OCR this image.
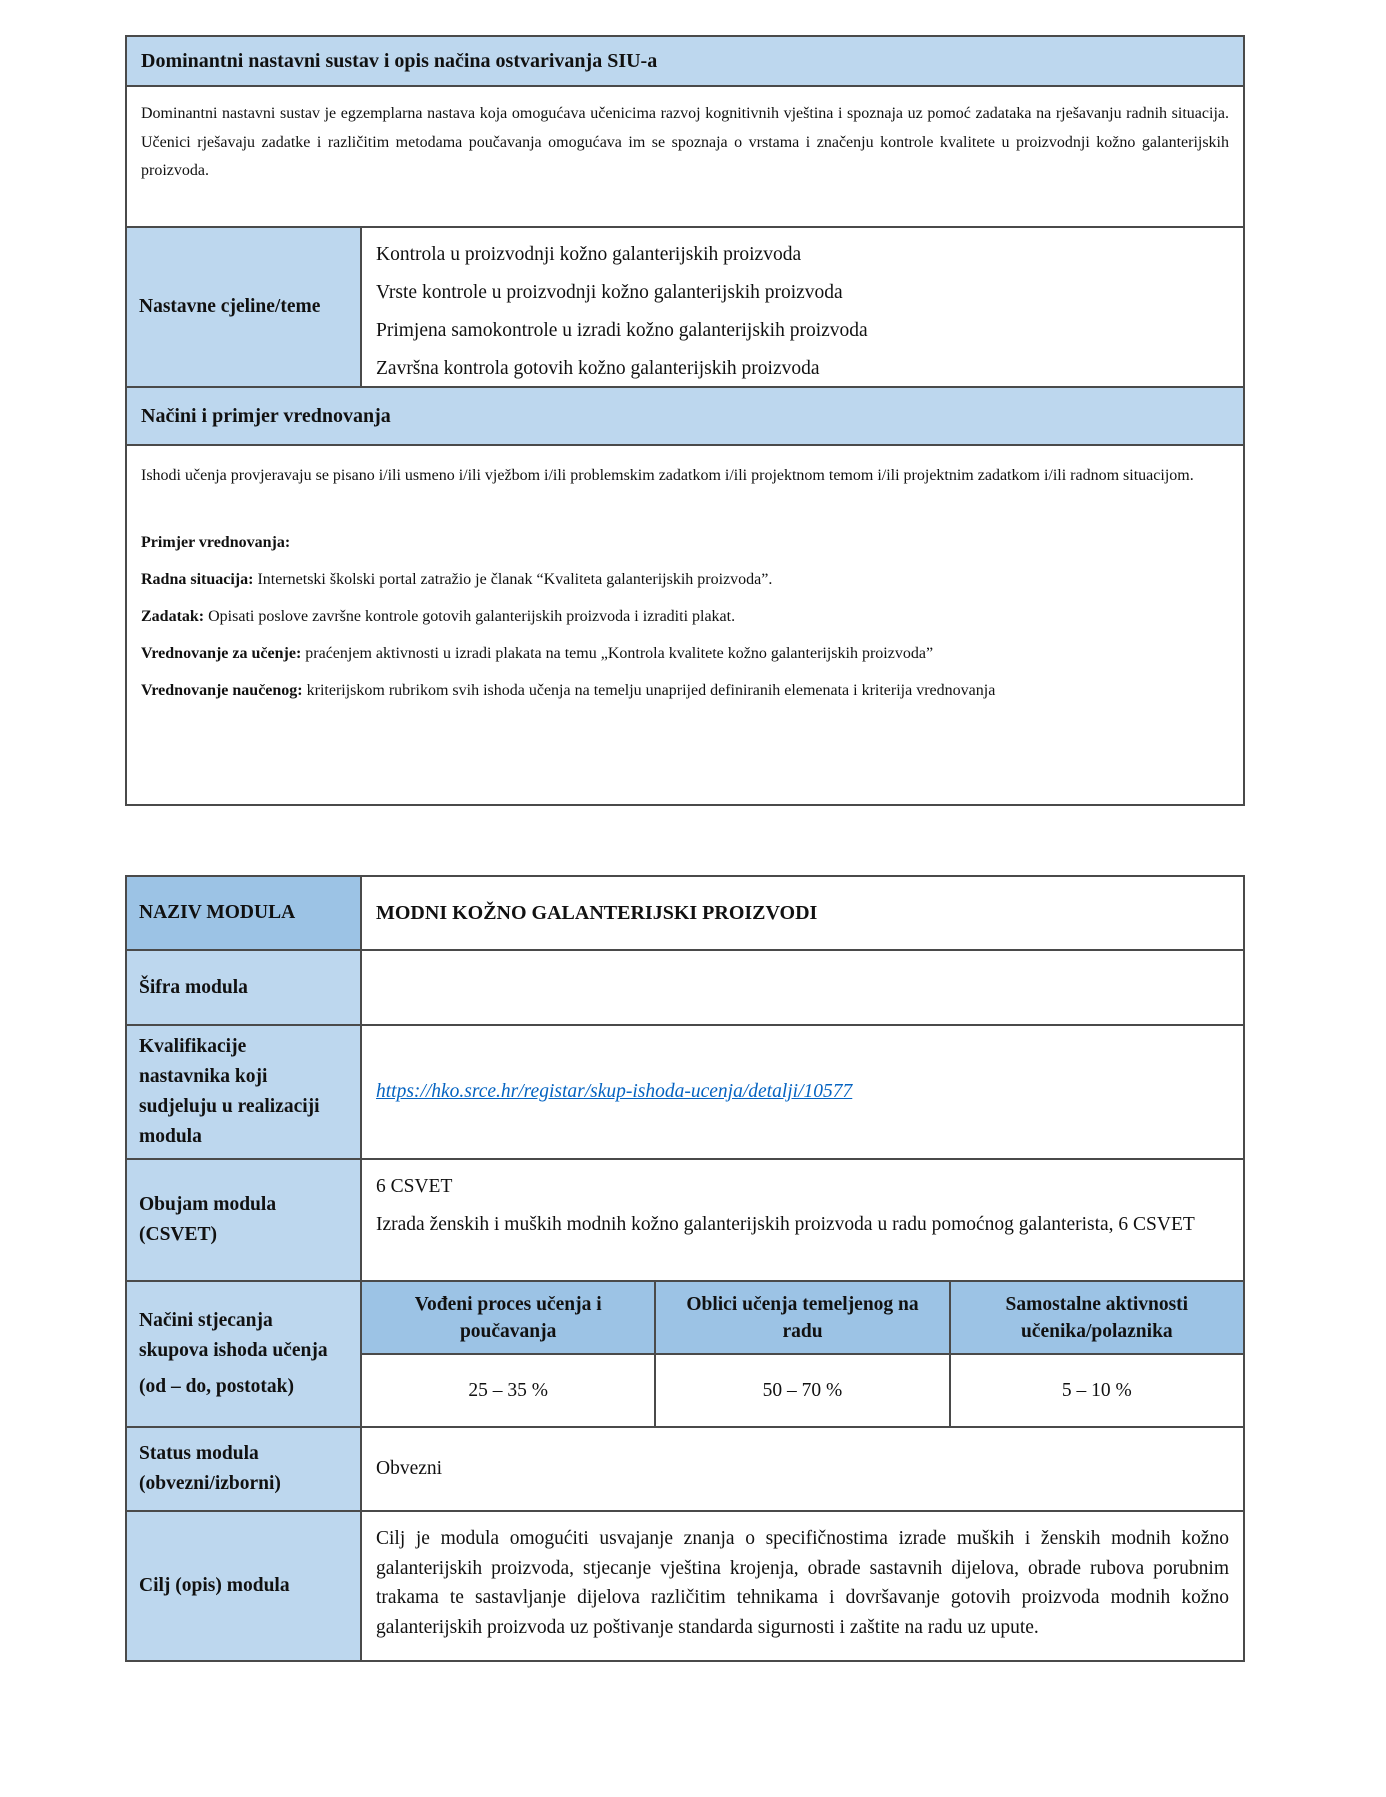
Dominantni nastavni sustav i opis načina ostvarivanja SIU-a
Dominantni nastavni sustav je egzemplarna nastava koja omogućava učenicima razvoj kognitivnih vještina i spoznaja uz pomoć zadataka na rješavanju radnih situacija. Učenici rješavaju zadatke i različitim metodama poučavanja omogućava im se spoznaja o vrstama i značenju kontrole kvalitete u proizvodnji kožno galanterijskih proizvoda.
Nastavne cjeline/teme
Kontrola u proizvodnji kožno galanterijskih proizvoda
Vrste kontrole u proizvodnji kožno galanterijskih proizvoda
Primjena samokontrole u izradi kožno galanterijskih proizvoda
Završna kontrola gotovih kožno galanterijskih proizvoda
Načini i primjer vrednovanja

Ishodi učenja provjeravaju se pisano i/ili usmeno i/ili vježbom i/ili problemskim zadatkom i/ili projektnom temom i/ili projektnim zadatkom i/ili radnom situacijom.

Primjer vrednovanja:

Radna situacija: Internetski školski portal zatražio je članak “Kvaliteta galanterijskih proizvoda”.

Zadatak: Opisati poslove završne kontrole gotovih galanterijskih proizvoda i izraditi plakat.

Vrednovanje za učenje: praćenjem aktivnosti u izradi plakata na temu „Kontrola kvalitete kožno galanterijskih proizvoda”

Vrednovanje naučenog: kriterijskom rubrikom svih ishoda učenja na temelju unaprijed definiranih elemenata i kriterija vrednovanja

NAZIV MODULA	MODNI KOŽNO GALANTERIJSKI PROIZVODI
Šifra modula
Kvalifikacije nastavnika koji sudjeluju u realizaciji modula
https://hko.srce.hr/registar/skup-ishoda-ucenja/detalji/10577
Obujam modula (CSVET)
6 CSVET
Izrada ženskih i muških modnih kožno galanterijskih proizvoda u radu pomoćnog galanterista, 6 CSVET
Načini stjecanja skupova ishoda učenja
(od – do, postotak)
Vođeni proces učenja i poučavanja
25 – 35 %
Oblici učenja temeljenog na radu
50 – 70 %
Samostalne aktivnosti učenika/polaznika
5 – 10 %
Status modula (obvezni/izborni)
Obvezni
Cilj (opis) modula
Cilj je modula omogućiti usvajanje znanja o specifičnostima izrade muških i ženskih modnih kožno galanterijskih proizvoda, stjecanje vještina krojenja, obrade sastavnih dijelova, obrade rubova porubnim trakama te sastavljanje dijelova različitim tehnikama i dovršavanje gotovih proizvoda modnih kožno galanterijskih proizvoda uz poštivanje standarda sigurnosti i zaštite na radu uz upute.
